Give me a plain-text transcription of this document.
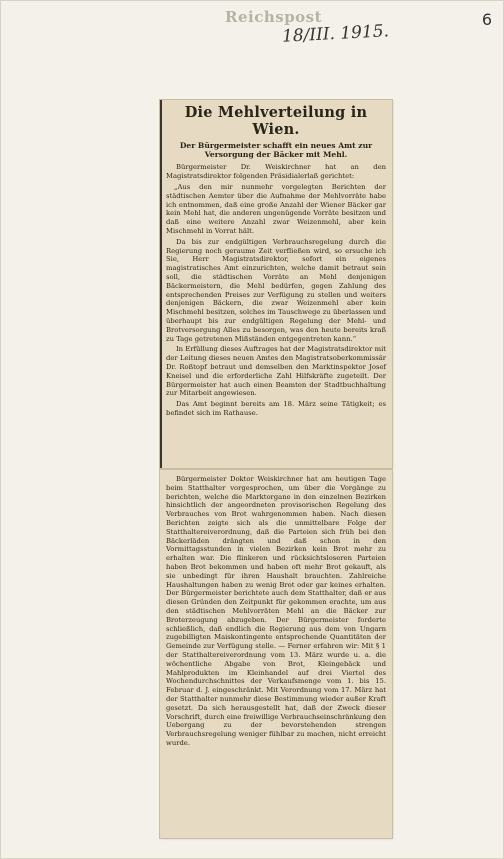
Reichspost
18/III. 1915.
6
Die Mehlverteilung in Wien.
Der Bürgermeister schafft ein neues Amt zur Versorgung der Bäcker mit Mehl.

Bürgermeister Dr. Weiskirchner hat an den Magistratsdirektor folgenden Präsidialerlaß gerichtet:

„Aus den mir nunmehr vorgelegten Berichten der städtischen Aemter über die Aufnahme der Mehlvorräte habe ich entnommen, daß eine große Anzahl der Wiener Bäcker gar kein Mehl hat, die anderen ungenügende Vorräte besitzen und daß eine weitere Anzahl zwar Weizenmehl, aber kein Mischmehl in Vorrat hält.

Da bis zur endgültigen Verbrauchsregelung durch die Regierung noch geraume Zeit verfließen wird, so ersuche ich Sie, Herr Magistratsdirektor, sofort ein eigenes magistratisches Amt einzurichten, welche damit betraut sein soll, die städtischen Vorräte an Mehl denjenigen Bäckermeistern, die Mehl bedürfen, gegen Zahlung des entsprechenden Preises zur Verfügung zu stellen und weiters denjenigen Bäckern, die zwar Weizenmehl aber kein Mischmehl besitzen, solches im Tauschwege zu überlassen und überhaupt bis zur endgültigen Regelung der Mehl- und Brotversorgung Alles zu besorgen, was den heute bereits kraß zu Tage getretenen Mißständen entgegentreten kann.“

In Erfüllung dieses Auftrages hat der Magistratsdirektor mit der Leitung dieses neuen Amtes den Magistratsoberkommissär Dr. Roßtopf betraut und demselben den Marktinspektor Josef Kneisel und die erforderliche Zahl Hilfskräfte zugeteilt. Der Bürgermeister hat auch einen Beamten der Stadtbuchhaltung zur Mitarbeit angewiesen.

Das Amt beginnt bereits am 18. März seine Tätigkeit; es befindet sich im Rathause.

Bürgermeister Doktor Weiskirchner hat am heutigen Tage beim Statthalter vorgesprochen, um über die Vorgänge zu berichten, welche die Marktorgane in den einzelnen Bezirken hinsichtlich der angeordneten provisorischen Regelung des Verbrauches von Brot wahrgenommen haben. Nach diesen Berichten zeigte sich als die unmittelbare Folge der Statthaltereiverordnung, daß die Parteien sich früh bei den Bäckerläden drängten und daß schon in den Vormittagsstunden in vielen Bezirken kein Brot mehr zu erhalten war. Die flinkeren und rücksichtsloseren Parteien haben Brot bekommen und haben oft mehr Brot gekauft, als sie unbedingt für ihren Haushalt brauchten. Zahlreiche Haushaltungen haben zu wenig Brot oder gar keines erhalten. Der Bürgermeister berichtete auch dem Statthalter, daß er aus diesen Gründen den Zeitpunkt für gekommen erachte, um aus den städtischen Mehlvorräten Mehl an die Bäcker zur Broterzeugung abzugeben. Der Bürgermeister forderte schließlich, daß endlich die Regierung aus dem von Ungarn zugebilligten Maiskontingente entsprechende Quantitäten der Gemeinde zur Verfügung stelle. — Ferner erfahren wir: Mit § 1 der Statthaltereiverordnung vom 13. März wurde u. a. die wöchentliche Abgabe von Brot, Kleingebäck und Mahlprodukten im Kleinhandel auf drei Viertel des Wochendurchschnittes der Verkaufsmenge vom 1. bis 15. Februar d. J. eingeschränkt. Mit Verordnung vom 17. März hat der Statthalter nunmehr diese Bestimmung wieder außer Kraft gesetzt. Da sich herausgestellt hat, daß der Zweck dieser Vorschrift, durch eine freiwillige Verbrauchseinschränkung den Uebergang zu der bevorstehenden strengen Verbrauchsregelung weniger fühlbar zu machen, nicht erreicht wurde.
